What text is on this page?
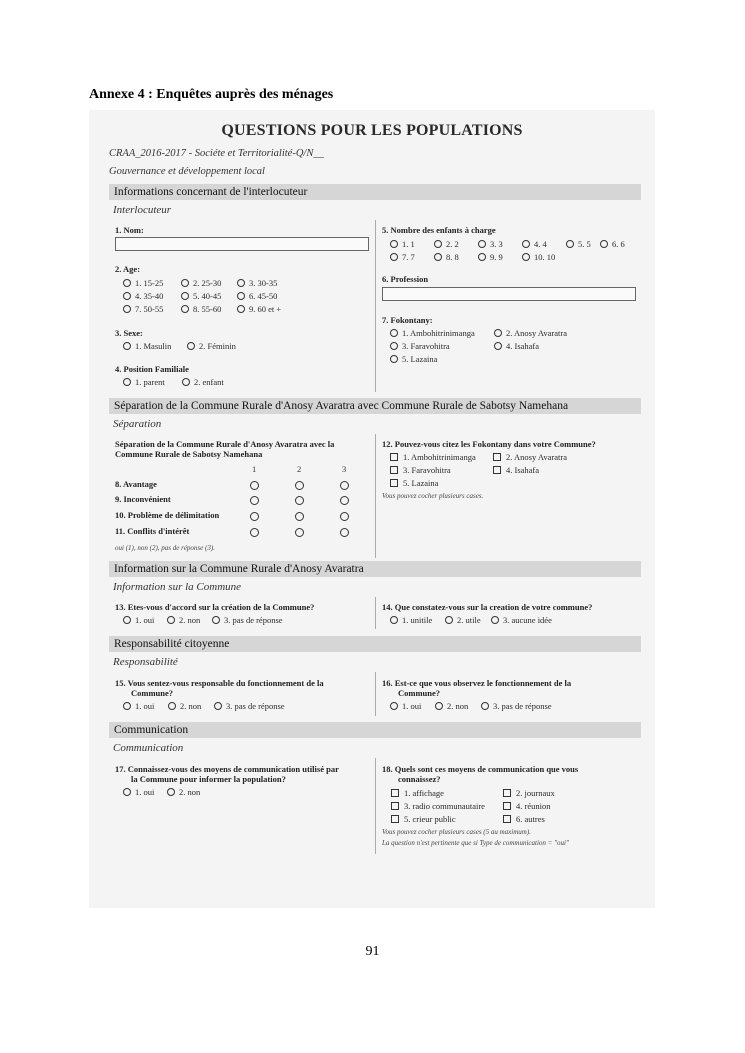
Annexe 4 : Enquêtes auprès des ménages
QUESTIONS POUR LES POPULATIONS
CRAA_2016-2017 - Sociéte et Territorialité-Q/N__
Gouvernance et développement local
Informations concernant de l'interlocuteur
Interlocuteur
1. Nom:
2. Age:
1. 15-25	2. 25-30	3. 30-35
4. 35-40	5. 40-45	6. 45-50
7. 50-55	8. 55-60	9. 60 et +
3. Sexe:
1. Masulin	2. Féminin
4. Position Familiale
1. parent	2. enfant
5. Nombre des enfants à charge
1. 1	2. 2	3. 3	4. 4	5. 5	6. 6
7. 7	8. 8	9. 9	10. 10
6. Profession
7. Fokontany:
1. Ambohitrinimanga	2. Anosy Avaratra
3. Faravohitra	4. Isahafa
5. Lazaina
Séparation de la Commune Rurale d'Anosy Avaratra avec Commune Rurale de Sabotsy Namehana
Séparation
Séparation de la Commune Rurale d'Anosy Avaratra avec la Commune Rurale de Sabotsy Namehana
1	2	3
8. Avantage
9. Inconvénient
10. Problème de délimitation
11. Conflits d'intérêt
oui (1), non (2), pas de réponse (3).
12. Pouvez-vous citez les Fokontany dans votre Commune?
1. Ambohitrinimanga	2. Anosy Avaratra
3. Faravohitra	4. Isahafa
5. Lazaina
Vous pouvez cocher plusieurs cases.
Information sur la Commune Rurale d'Anosy Avaratra
Information sur la Commune
13. Etes-vous d'accord sur la création de la Commune?
1. oui	2. non	3. pas de réponse
14. Que constatez-vous sur la creation de votre commune?
1. unitile	2. utile	3. aucune idée
Responsabilité citoyenne
Responsabilité
15. Vous sentez-vous responsable du fonctionnement de la
Commune?
1. oui	2. non	3. pas de réponse
16. Est-ce que vous observez le fonctionnement de la
Commune?
1. oui	2. non	3. pas de réponse
Communication
Communication
17. Connaissez-vous des moyens de communication utilisé par
la Commune pour informer la population?
1. oui	2. non
18. Quels sont ces moyens de communication que vous
connaissez?
1. affichage	2. journaux
3. radio communautaire	4. réunion
5. crieur public	6. autres
Vous pouvez cocher plusieurs cases (5 au maximum).
La question n'est pertinente que si Type de communication = "oui"
91
